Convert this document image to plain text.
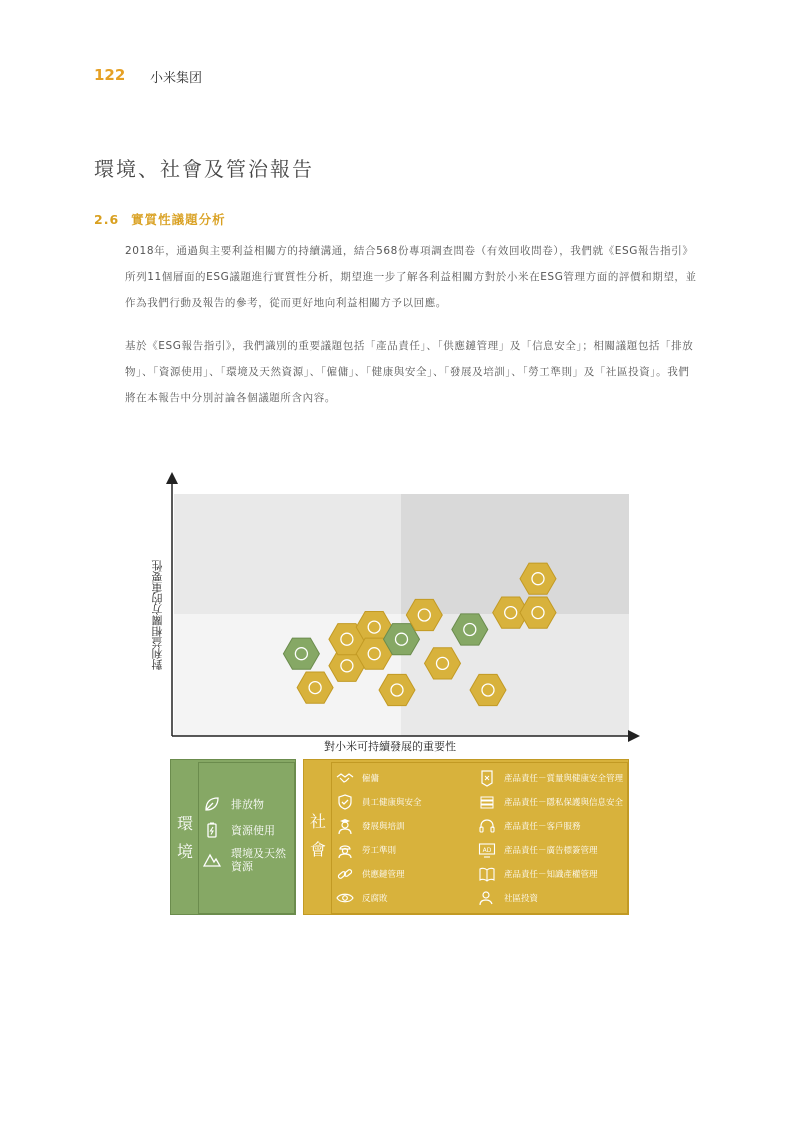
122 小米集团
環境、社會及管治報告
2.6 實質性議題分析

2018年，通過與主要利益相關方的持續溝通，結合568份專項調查問卷（有效回收問卷），我們就《ESG報告指引》所列11個層面的ESG議題進行實質性分析，期望進一步了解各利益相關方對於小米在ESG管理方面的評價和期望，並作為我們行動及報告的參考，從而更好地向利益相關方予以回應。

基於《ESG報告指引》，我們識別的重要議題包括「產品責任」、「供應鏈管理」及「信息安全」；相關議題包括「排放物」、「資源使用」、「環境及天然資源」、「僱傭」、「健康與安全」、「發展及培訓」、「勞工準則」及「社區投資」。我們將在本報告中分別討論各個議題所含內容。

對利益相關方的重要性
對小米可持續發展的重要性
環境
排放物
資源使用
環境及天然資源
社會
僱傭
員工健康與安全
發展與培訓
勞工準則
供應鏈管理
反腐敗
產品責任－質量與健康安全管理
產品責任－隱私保護與信息安全
產品責任－客戶服務
AD 產品責任－廣告標簽管理
產品責任－知識產權管理
社區投資
